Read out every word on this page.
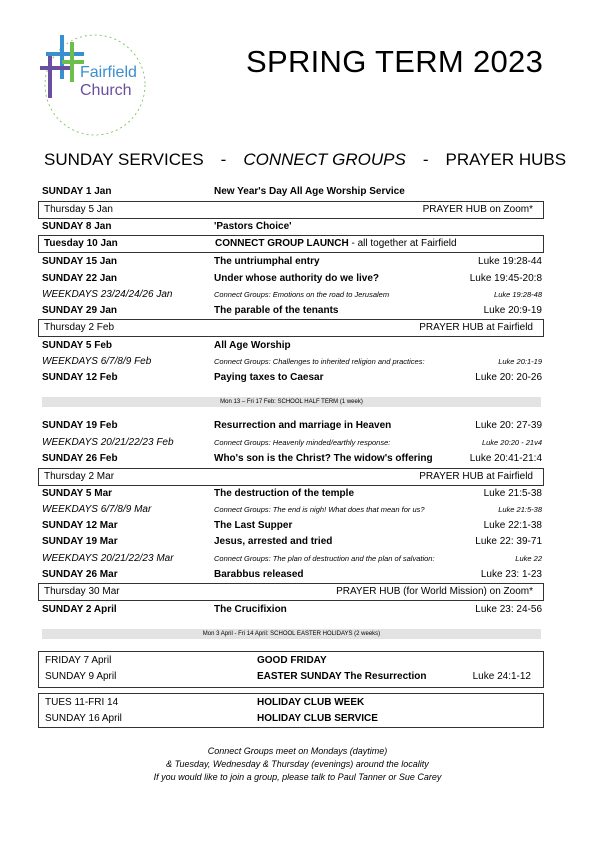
Fairfield
Church
SPRING TERM 2023
SUNDAY SERVICES - CONNECT GROUPS - PRAYER HUBS
SUNDAY 1 Jan	New Year's Day All Age Worship Service
Thursday 5 Jan	PRAYER HUB on Zoom*
SUNDAY 8 Jan	'Pastors Choice'
Tuesday 10 Jan	CONNECT GROUP LAUNCH - all together at Fairfield
SUNDAY 15 Jan	The untriumphal entry	Luke 19:28-44
SUNDAY 22 Jan	Under whose authority do we live?	Luke 19:45-20:8
WEEKDAYS 23/24/24/26 Jan	Connect Groups: Emotions on the road to Jerusalem	Luke 19:28-48
SUNDAY 29 Jan	The parable of the tenants	Luke 20:9-19
Thursday 2 Feb	PRAYER HUB at Fairfield
SUNDAY 5 Feb	All Age Worship
WEEKDAYS 6/7/8/9 Feb	Connect Groups: Challenges to inherited religion and practices:	Luke 20:1-19
SUNDAY 12 Feb	Paying taxes to Caesar	Luke 20: 20-26
Mon 13 – Fri 17 Feb: SCHOOL HALF TERM (1 week)
SUNDAY 19 Feb	Resurrection and marriage in Heaven	Luke 20: 27-39
WEEKDAYS 20/21/22/23 Feb	Connect Groups: Heavenly minded/earthly response:	Luke 20:20 - 21v4
SUNDAY 26 Feb	Who's son is the Christ? The widow's offering	Luke 20:41-21:4
Thursday 2 Mar	PRAYER HUB at Fairfield
SUNDAY 5 Mar	The destruction of the temple	Luke 21:5-38
WEEKDAYS 6/7/8/9 Mar	Connect Groups: The end is nigh! What does that mean for us?	Luke 21:5-38
SUNDAY 12 Mar	The Last Supper	Luke 22:1-38
SUNDAY 19 Mar	Jesus, arrested and tried	Luke 22: 39-71
WEEKDAYS 20/21/22/23 Mar	Connect Groups: The plan of destruction and the plan of salvation:	Luke 22
SUNDAY 26 Mar	Barabbus released	Luke 23: 1-23
Thursday 30 Mar	PRAYER HUB (for World Mission) on Zoom*
SUNDAY 2 April	The Crucifixion	Luke 23: 24-56
Mon 3 April - Fri 14 April: SCHOOL EASTER HOLIDAYS (2 weeks)
FRIDAY 7 April	GOOD FRIDAY
SUNDAY 9 April	EASTER SUNDAY The Resurrection	Luke 24:1-12
TUES 11-FRI 14	HOLIDAY CLUB WEEK
SUNDAY 16 April	HOLIDAY CLUB SERVICE
Connect Groups meet on Mondays (daytime)
& Tuesday, Wednesday & Thursday (evenings) around the locality
If you would like to join a group, please talk to Paul Tanner or Sue Carey
